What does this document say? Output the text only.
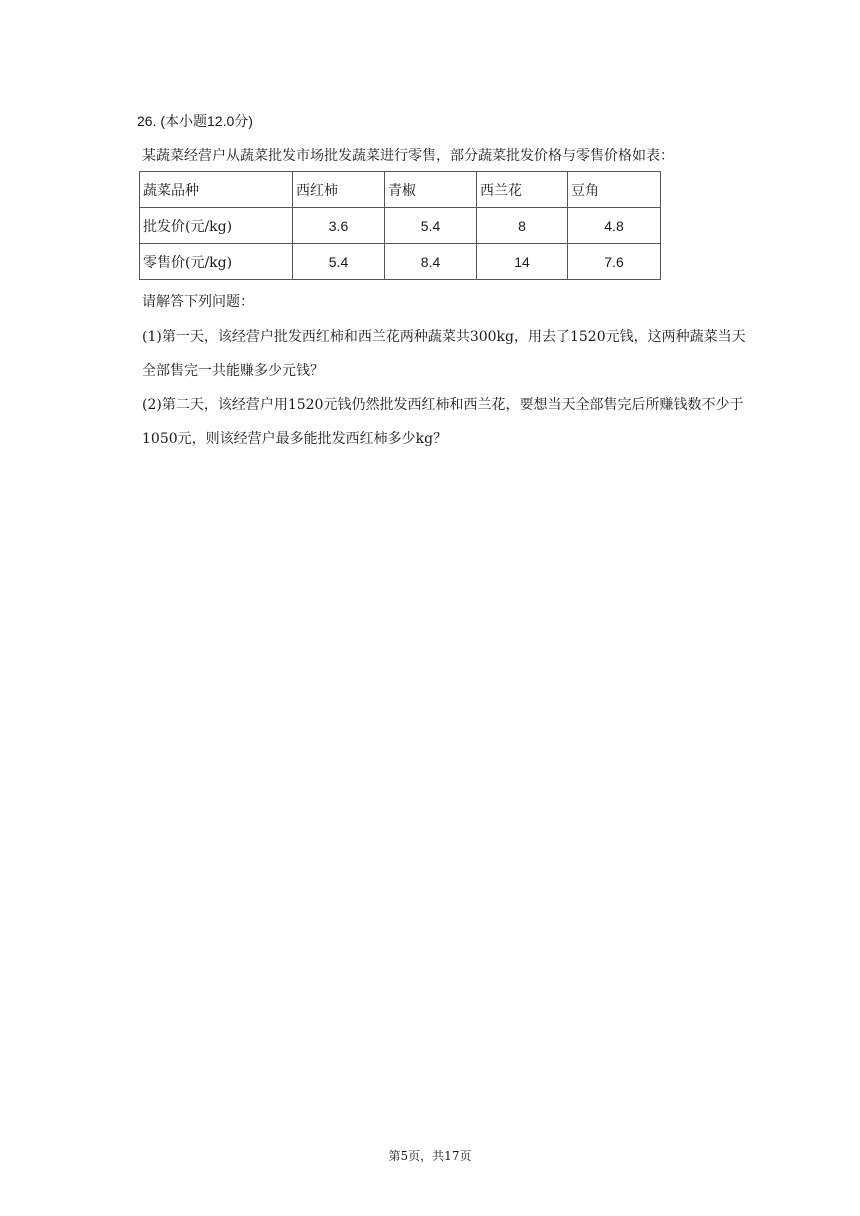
26. (本小题12.0分)
某蔬菜经营户从蔬菜批发市场批发蔬菜进行零售，部分蔬菜批发价格与零售价格如表：
蔬菜品种	西红柿	青椒	西兰花	豆角
批发价(元/kg)	3.6	5.4	8	4.8
零售价(元/kg)	5.4	8.4	14	7.6
请解答下列问题：
(1)第一天，该经营户批发西红柿和西兰花两种蔬菜共300kg，用去了1520元钱，这两种蔬菜当天全部售完一共能赚多少元钱？
(2)第二天，该经营户用1520元钱仍然批发西红柿和西兰花，要想当天全部售完后所赚钱数不少于1050元，则该经营户最多能批发西红柿多少kg？
第5页，共17页
